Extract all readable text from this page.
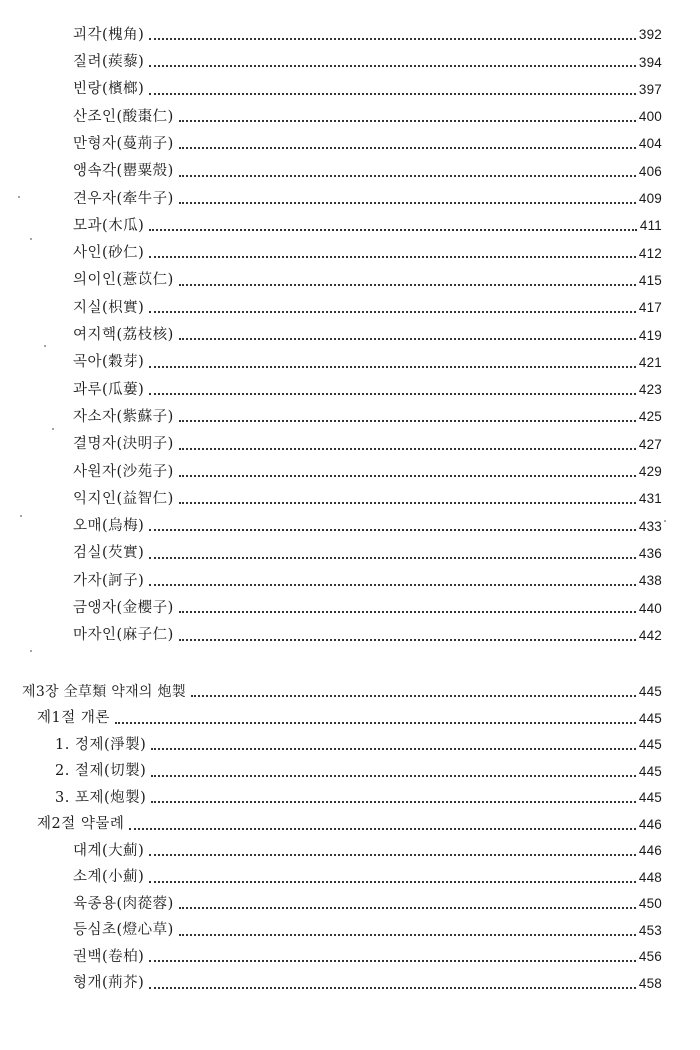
괴각(槐角)	392
질려(蒺藜)	394
빈랑(檳榔)	397
산조인(酸棗仁)	400
만형자(蔓荊子)	404
앵속각(罌粟殼)	406
견우자(牽牛子)	409
모과(木瓜)	411
사인(砂仁)	412
의이인(薏苡仁)	415
지실(枳實)	417
여지핵(荔枝核)	419
곡아(穀芽)	421
과루(瓜蔞)	423
자소자(紫蘇子)	425
결명자(決明子)	427
사원자(沙苑子)	429
익지인(益智仁)	431
오매(烏梅)	433
검실(芡實)	436
가자(訶子)	438
금앵자(金櫻子)	440
마자인(麻子仁)	442
제3장 全草類 약재의 炮製	445
제1절 개론	445
1. 정제(淨製)	445
2. 절제(切製)	445
3. 포제(炮製)	445
제2절 약물례	446
대계(大薊)	446
소계(小薊)	448
육종용(肉蓯蓉)	450
등심초(燈心草)	453
권백(卷柏)	456
형개(荊芥)	458
